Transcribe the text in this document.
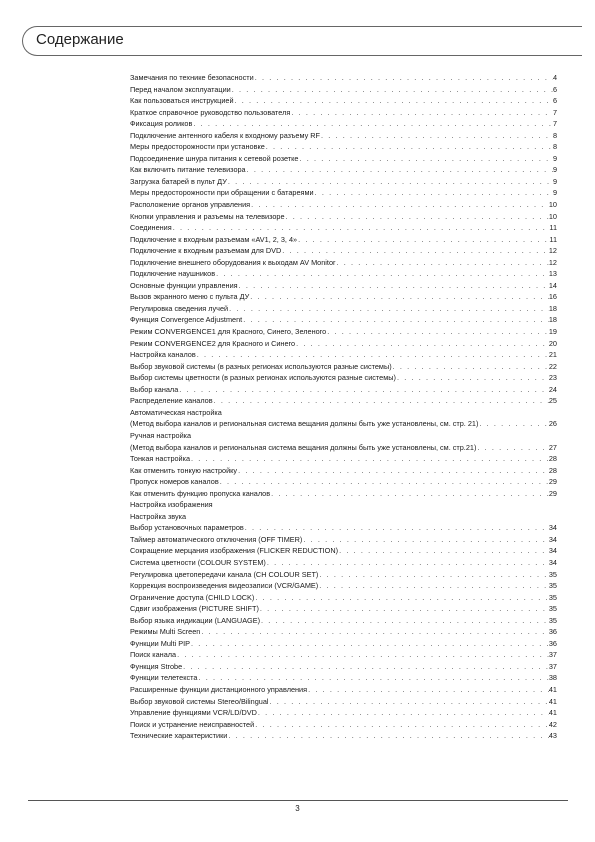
Содержание
Замечания по технике безопасности . . .	4
Перед началом эксплуатации . . .	6
Как пользоваться инструкцией . . .	6
Краткое справочное руководство пользователя . . .	7
Фиксация роликов . . .	7
Подключение антенного кабеля к входному разъему RF . . .	8
Меры предосторожности при установке . . .	8
Подсоединение шнура питания к сетевой розетке . . .	9
Как включить питание телевизора . . .	9
Загрузка батарей в пульт ДУ . . .	9
Меры предосторожности при обращении с батареями . . .	9
Расположение органов управления . . .	10
Кнопки управления и разъемы на телевизоре . . .	10
Соединения . . .	11
Подключение к входным разъемам «AV1, 2, 3, 4» . . .	11
Подключение к входным разъемам для DVD . . .	12
Подключение внешнего оборудования к выходам AV Monitor . . .	12
Подключение наушников . . .	13
Основные функции управления . . .	14
Вызов экранного меню с пульта ДУ . . .	16
Регулировка сведения лучей . . .	18
Функция Convergence Adjustment . . .	18
Режим CONVERGENCE1 для Красного, Синего, Зеленого . . .	19
Режим CONVERGENCE2 для Красного и Синего . . .	20
Настройка каналов . . .	21
Выбор звуковой системы (в разных регионах используются разные системы) . . .	22
Выбор системы цветности (в разных регионах используются разные системы) . . .	23
Выбор канала . . .	24
Распределение каналов . . .	25
Автоматическая настройка
(Метод выбора каналов и региональная система вещания должны быть уже установлены, см. стр. 21) . . .	26
Ручная настройка
(Метод выбора каналов и региональная система вещания должны быть уже установлены, см. стр.21) . . .	27
Тонкая настройка . . .	28
Как отменить тонкую настройку . . .	28
Пропуск номеров каналов . . .	29
Как отменить функцию пропуска каналов . . .	29
Настройка изображения
Настройка звука
Выбор установочных параметров . . .	34
Таймер автоматического отключения (OFF TIMER) . . .	34
Сокращение мерцания изображения (FLICKER REDUCTION) . . .	34
Система цветности (COLOUR SYSTEM) . . .	34
Регулировка цветопередачи канала (CH COLOUR SET) . . .	35
Коррекция воспроизведения видеозаписи (VCR/GAME) . . .	35
Ограничение доступа (CHILD LOCK) . . .	35
Сдвиг изображения (PICTURE SHIFT) . . .	35
Выбор языка индикации (LANGUAGE) . . .	35
Режимы Multi Screen . . .	36
Функции Multi PIP . . .	36
Поиск канала . . .	37
Функция Strobe . . .	37
Функции телетекста . . .	38
Расширенные функции дистанционного управления . . .	41
Выбор звуковой системы Stereo/Bilingual . . .	41
Управление функциями VCR/LD/DVD . . .	41
Поиск и устранение неисправностей . . .	42
Технические характеристики . . .	43
3
